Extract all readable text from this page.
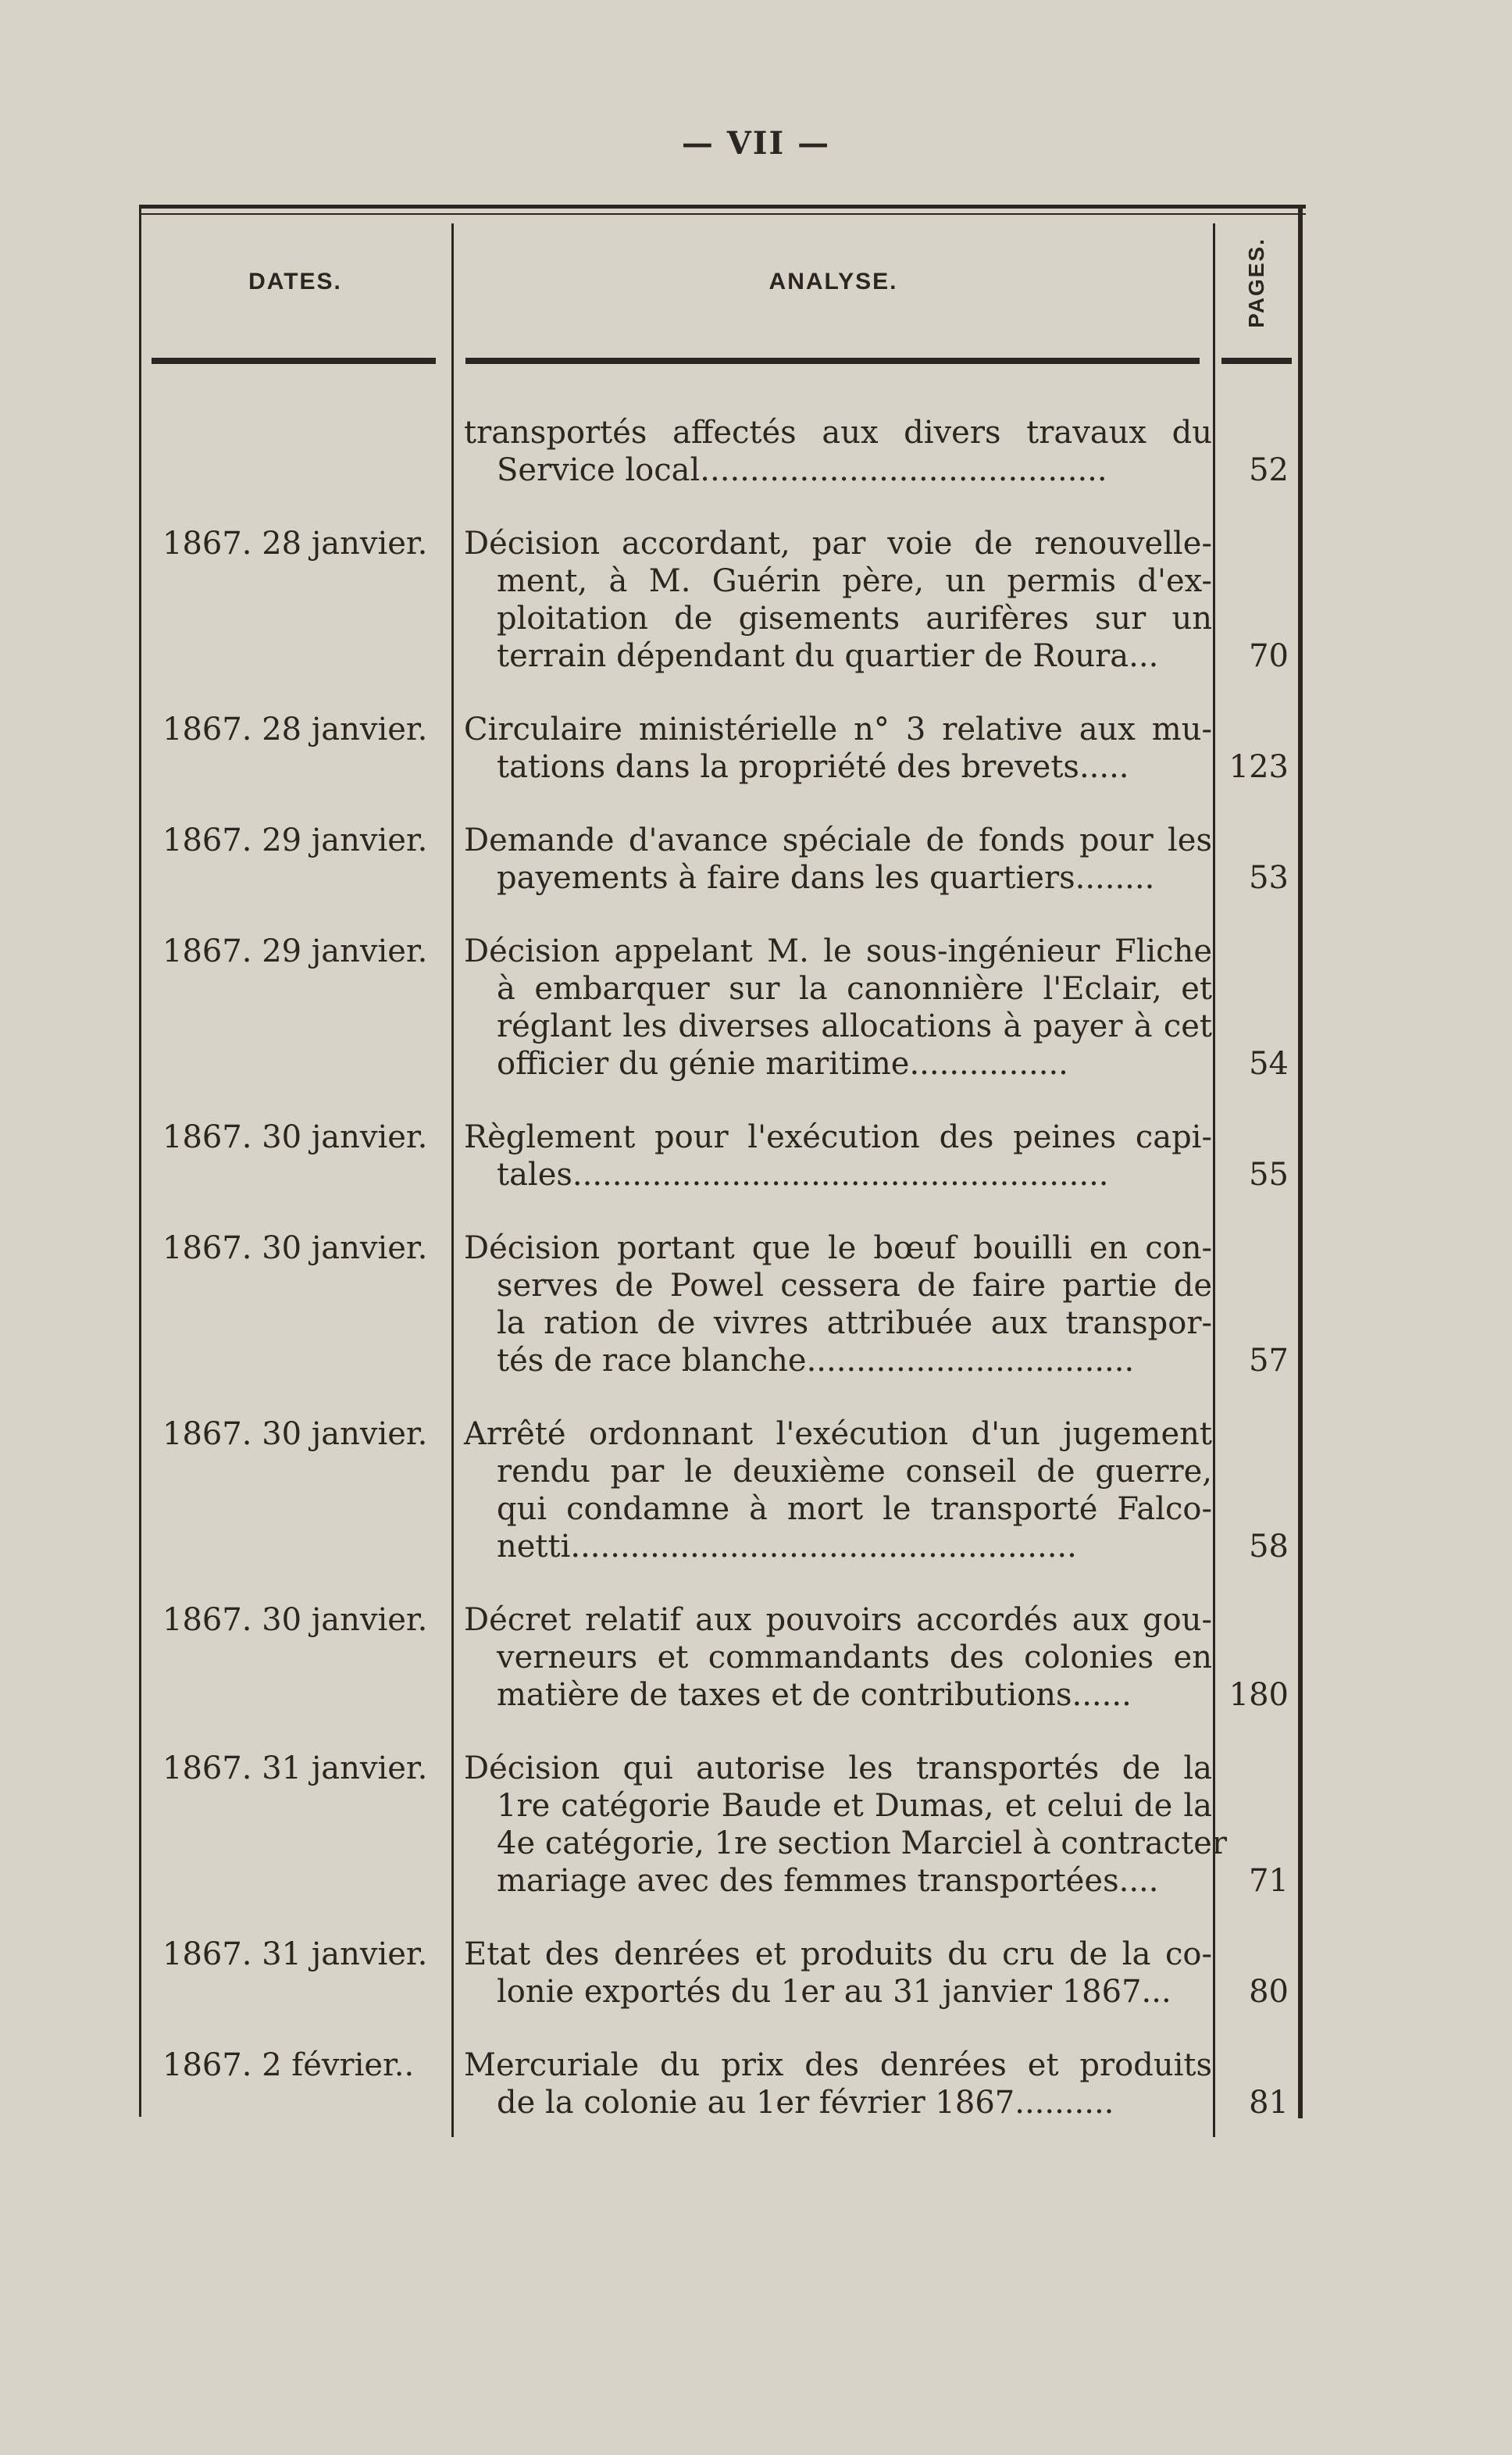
— VII —
DATES.	ANALYSE.	PAGES.
transportés affectés aux divers travaux du
Service local.........................................	52
1867. 28 janvier.	Décision accordant, par voie de renouvelle-
ment, à M. Guérin père, un permis d'ex-
ploitation de gisements aurifères sur un
terrain dépendant du quartier de Roura...	70
1867. 28 janvier.	Circulaire ministérielle n° 3 relative aux mu-
tations dans la propriété des brevets.....	123
1867. 29 janvier.	Demande d'avance spéciale de fonds pour les
payements à faire dans les quartiers........	53
1867. 29 janvier.	Décision appelant M. le sous-ingénieur Fliche
à embarquer sur la canonnière l'Eclair, et
réglant les diverses allocations à payer à cet
officier du génie maritime................	54
1867. 30 janvier.	Règlement pour l'exécution des peines capi-
tales......................................................	55
1867. 30 janvier.	Décision portant que le bœuf bouilli en con-
serves de Powel cessera de faire partie de
la ration de vivres attribuée aux transpor-
tés de race blanche.................................	57
1867. 30 janvier.	Arrêté ordonnant l'exécution d'un jugement
rendu par le deuxième conseil de guerre,
qui condamne à mort le transporté Falco-
netti...................................................	58
1867. 30 janvier.	Décret relatif aux pouvoirs accordés aux gou-
verneurs et commandants des colonies en
matière de taxes et de contributions......	180
1867. 31 janvier.	Décision qui autorise les transportés de la
1re catégorie Baude et Dumas, et celui de la
4e catégorie, 1re section Marciel à contracter
mariage avec des femmes transportées....	71
1867. 31 janvier.	Etat des denrées et produits du cru de la co-
lonie exportés du 1er au 31 janvier 1867...	80
1867. 2 février..	Mercuriale du prix des denrées et produits
de la colonie au 1er février 1867..........	81
